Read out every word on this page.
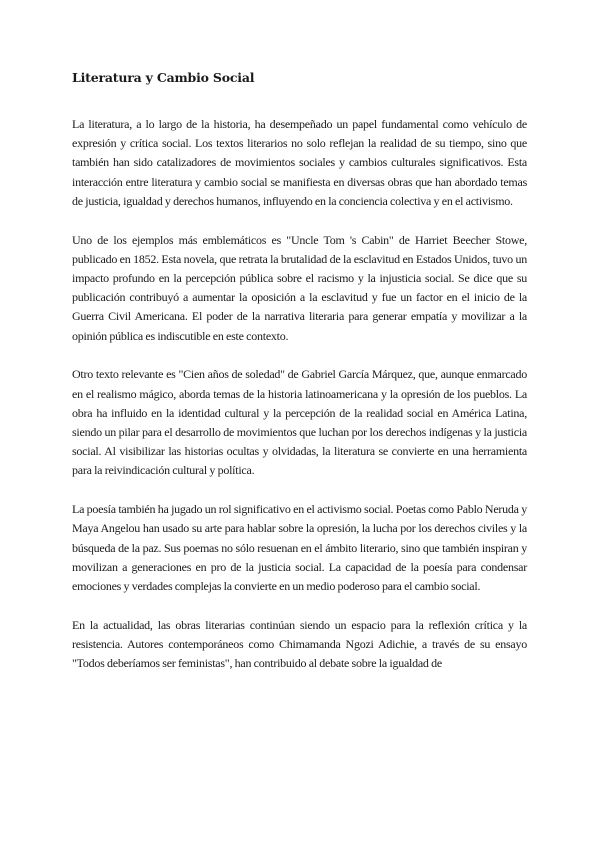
Literatura y Cambio Social

La literatura, a lo largo de la historia, ha desempeñado un papel fundamental como vehículo de expresión y crítica social. Los textos literarios no solo reflejan la realidad de su tiempo, sino que también han sido catalizadores de movimientos sociales y cambios culturales significativos. Esta interacción entre literatura y cambio social se manifiesta en diversas obras que han abordado temas de justicia, igualdad y derechos humanos, influyendo en la conciencia colectiva y en el activismo.

Uno de los ejemplos más emblemáticos es "Uncle Tom 's Cabin" de Harriet Beecher Stowe, publicado en 1852. Esta novela, que retrata la brutalidad de la esclavitud en Estados Unidos, tuvo un impacto profundo en la percepción pública sobre el racismo y la injusticia social. Se dice que su publicación contribuyó a aumentar la oposición a la esclavitud y fue un factor en el inicio de la Guerra Civil Americana. El poder de la narrativa literaria para generar empatía y movilizar a la opinión pública es indiscutible en este contexto.

Otro texto relevante es "Cien años de soledad" de Gabriel García Márquez, que, aunque enmarcado en el realismo mágico, aborda temas de la historia latinoamericana y la opresión de los pueblos. La obra ha influido en la identidad cultural y la percepción de la realidad social en América Latina, siendo un pilar para el desarrollo de movimientos que luchan por los derechos indígenas y la justicia social. Al visibilizar las historias ocultas y olvidadas, la literatura se convierte en una herramienta para la reivindicación cultural y política.

La poesía también ha jugado un rol significativo en el activismo social. Poetas como Pablo Neruda y Maya Angelou han usado su arte para hablar sobre la opresión, la lucha por los derechos civiles y la búsqueda de la paz. Sus poemas no sólo resuenan en el ámbito literario, sino que también inspiran y movilizan a generaciones en pro de la justicia social. La capacidad de la poesía para condensar emociones y verdades complejas la convierte en un medio poderoso para el cambio social.

En la actualidad, las obras literarias continúan siendo un espacio para la reflexión crítica y la resistencia. Autores contemporáneos como Chimamanda Ngozi Adichie, a través de su ensayo "Todos deberíamos ser feministas", han contribuido al debate sobre la igualdad de
